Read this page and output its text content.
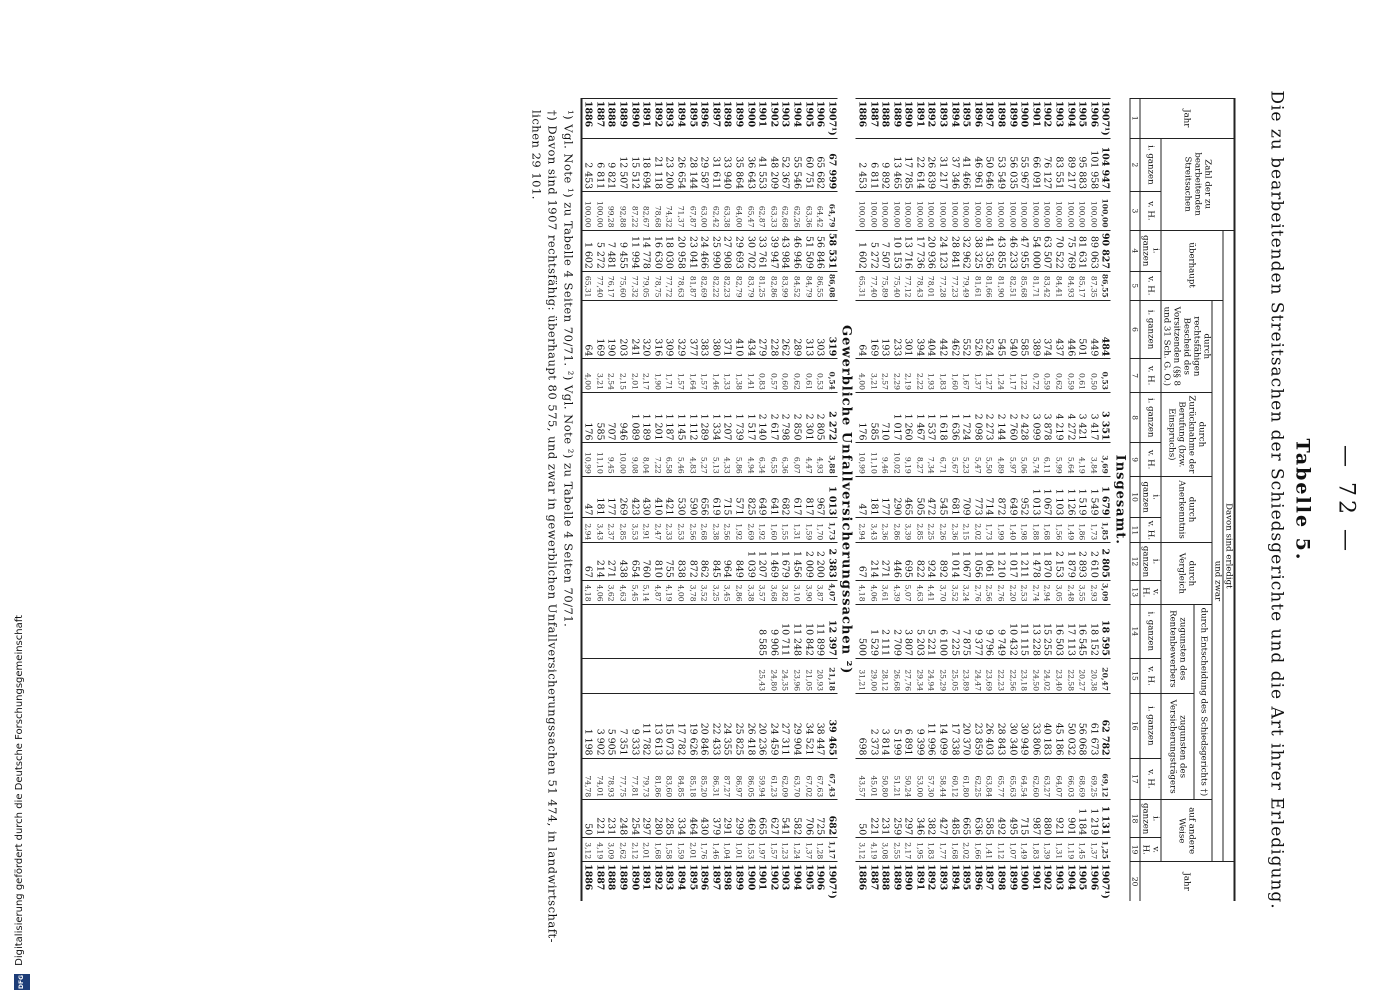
— 72 —
Tabelle 5.
Die zu bearbeitenden Streitsachen der Schiedsgerichte und die Art ihrer Erledigung.
Jahr	Zahl der zu bearbeitenden Streitsachen		Davon sind erledigt																Jahr
			überhaupt		und zwar														
					durch rechtsfähigen Bescheid des Vorsitzenden (§§ 8 und 31 Sch. G. O.)		durch Zurücknahme der Berufung (bzw. Einspruchs)		durch Anerkenntnis		durch Vergleich		durch Entscheidung des Schiedsgerichts †)				auf andere Weise		
													zugunsten des Rentenbewerbers		zugunsten des Versicherungsträgers				
	i. ganzen	v. H.	i. ganzen	v. H.	i. ganzen	v. H.	i. ganzen	v. H.	i. ganzen	v. H.	i. ganzen	v. H.	i. ganzen	v. H.	i. ganzen	v. H.	i. ganzen	v. H.	
1	2	3	4	5	6	7	8	9	10	11	12	13	14	15	16	17	18	19	20
Insgesamt.																			
1907¹)	104 947	100,00	90 827	86,55	484	0,53	3 351	3,69	1 679	1,85	2 805	3,09	18 595	20,47	62 782	69,12	1 131	1,25	1907¹)
1906	101 958	100,00	89 063	87,35	449	0,50	3 417	3,84	1 549	1,73	2 610	2,93	18 152	20,38	61 673	69,25	1 219	1,37	1906
1905	95 883	100,00	81 631	85,17	501	0,61	3 421	4,19	1 519	1,86	2 893	3,55	16 545	20,27	56 068	68,69	1 184	1,45	1905
1904	89 217	100,00	75 769	84,93	446	0,59	4 272	5,64	1 126	1,49	1 879	2,48	17 113	22,58	50 032	66,03	901	1,19	1904
1903	83 551	100,00	70 522	84,41	437	0,62	4 219	5,99	1 103	1,56	2 153	3,05	16 503	23,40	45 186	64,07	921	1,31	1903
1902	76 127	100,00	63 507	83,42	374	0,59	3 878	6,11	1 067	1,68	1 870	2,94	15 255	24,02	40 183	63,27	880	1,39	1902
1901	66 091	100,00	54 000	81,71	389	0,72	3 099	5,74	1 013	1,88	1 478	2,74	13 228	24,50	33 806	62,60	987	1,83	1901
1900	55 967	100,00	47 955	85,68	585	1,22	2 428	5,06	952	1,98	1 211	2,53	11 115	23,18	30 949	64,54	715	1,49	1900
1899	56 035	100,00	46 233	82,51	540	1,17	2 760	5,97	649	1,40	1 017	2,20	10 432	22,56	30 340	65,63	495	1,07	1899
1898	53 549	100,00	43 855	81,90	545	1,24	2 144	4,89	872	1,99	1 210	2,76	9 749	22,23	28 843	65,77	492	1,12	1898
1897	50 646	100,00	41 356	81,66	524	1,27	2 273	5,50	714	1,73	1 061	2,56	9 796	23,69	26 403	63,84	585	1,41	1897
1896	46 961	100,00	38 325	81,61	526	1,37	2 098	5,47	773	2,02	1 056	2,76	9 377	24,47	23 859	62,25	636	1,66	1896
1895	41 466	100,00	32 962	79,49	552	1,67	1 724	5,23	709	2,15	1 067	3,24	7 875	23,89	20 370	61,80	665	2,02	1895
1894	37 346	100,00	28 841	77,23	462	1,60	1 636	5,67	681	2,36	1 014	3,52	7 225	25,05	17 338	60,12	485	1,68	1894
1893	31 217	100,00	24 123	77,28	442	1,83	1 618	6,71	545	2,26	892	3,70	6 100	25,29	14 099	58,44	427	1,77	1893
1892	26 839	100,00	20 936	78,01	404	1,93	1 537	7,34	472	2,25	924	4,41	5 221	24,94	11 996	57,30	382	1,83	1892
1891	22 614	100,00	17 736	78,43	394	2,22	1 467	8,27	505	2,85	822	4,63	5 203	29,34	9 399	53,00	346	1,95	1891
1890	17 785	100,00	13 716	77,12	301	2,19	1 260	9,19	465	3,39	695	5,07	3 807	27,76	6 891	50,24	297	2,17	1890
1889	13 465	100,00	10 153	75,40	233	2,29	1 017	10,02	290	2,86	446	4,39	2 709	26,68	5 199	51,21	259	2,55	1889
1888	9 892	100,00	7 507	75,89	193	2,57	710	9,46	177	2,36	271	3,61	2 111	28,12	3 814	50,80	231	3,08	1888
1887	6 811	100,00	5 272	77,40	169	3,21	585	11,10	181	3,43	214	4,06	1 529	29,00	2 373	45,01	221	4,19	1887
1886	2 453	100,00	1 602	65,31	64	4,00	176	10,99	47	2,94	67	4,18	500	31,21	698	43,57	50	3,12	1886
Gewerbliche Unfallversicherungssachen ²)																			
1907¹)	67 999	64,79	58 531	86,08	319	0,54	2 272	3,88	1 013	1,73	2 383	4,07	12 397	21,18	39 465	67,43	682	1,17	1907¹)
1906	65 682	64,42	56 846	86,55	303	0,53	2 805	4,93	967	1,70	2 200	3,87	11 899	20,93	38 447	67,63	725	1,28	1906
1905	60 751	63,36	51 509	84,79	313	0,61	2 301	4,47	817	1,59	2 009	3,90	10 842	21,05	34 521	67,02	706	1,37	1905
1904	55 546	62,26	46 946	84,52	289	0,62	2 850	6,07	617	1,31	1 456	3,10	11 248	23,96	29 904	63,70	582	1,24	1904
1903	52 367	62,68	43 984	83,99	262	0,60	2 798	6,36	682	1,55	1 679	3,82	10 711	24,35	27 311	62,09	541	1,23	1903
1902	48 209	63,33	39 947	82,86	228	0,57	2 617	6,55	641	1,60	1 469	3,68	9 906	24,80	24 459	61,23	627	1,57	1902
1901	41 553	62,87	33 761	81,25	279	0,83	2 140	6,34	649	1,92	1 207	3,57	8 585	25,43	20 236	59,94	665	1,97	1901
1900	36 643	65,47	30 702	83,79	434	1,41	1 517	4,94	825	2,69	1 039	3,38			26 418	86,05	469	1,53	1900
1899	35 864	64,00	29 693	82,79	410	1,38	1 739	5,86	571	1,92	849	2,86			25 825	86,97	299	1,01	1899
1898	33 940	63,38	27 908	82,23	371	1,33	1 207	4,33	715	2,56	964	3,45			24 355	87,27	291	1,04	1898
1897	31 611	62,42	25 990	82,22	380	1,46	1 334	5,13	619	2,38	845	3,25			22 433	86,31	379	1,46	1897
1896	29 587	63,00	24 466	82,69	383	1,57	1 289	5,27	656	2,68	862	3,52			20 846	85,20	430	1,76	1896
1895	28 144	67,87	23 041	81,87	377	1,64	1 112	4,83	590	2,56	872	3,78			19 626	85,18	464	2,01	1895
1894	26 654	71,37	20 958	78,63	329	1,57	1 145	5,46	530	2,53	838	4,00			17 782	84,85	334	1,59	1894
1893	23 200	74,32	18 030	77,72	309	1,71	1 187	6,58	421	2,33	755	4,19			15 073	83,60	285	1,58	1893
1892	21 118	78,68	16 630	78,75	316	1,90	1 201	7,22	410	2,47	810	4,87			13 613	81,86	280	1,68	1892
1891	18 694	82,67	14 778	79,05	320	2,17	1 189	8,04	430	2,91	760	5,14			11 782	79,73	297	2,01	1891
1890	15 512	87,22	11 994	77,32	241	2,01	1 089	9,08	423	3,53	654	5,45			9 333	77,81	254	2,12	1890
1889	12 507	92,88	9 455	75,60	203	2,15	946	10,00	269	2,85	438	4,63			7 351	77,75	248	2,62	1889
1888	9 821	99,28	7 481	76,17	190	2,54	707	9,45	177	2,37	271	3,62			5 905	78,93	231	3,09	1888
1887	6 811	100,00	5 272	77,40	169	3,21	585	11,10	181	3,43	214	4,06			3 902	74,01	221	4,19	1887
1886	2 453	100,00	1 602	65,31	64	4,00	176	10,99	47	2,94	67	4,18			1 198	74,78	50	3,12	1886
¹) Vgl. Note ¹) zu Tabelle 4 Seiten 70/71. ²) Vgl. Note ²) zu Tabelle 4 Seiten 70/71.
†) Davon sind 1907 rechtsfähig: überhaupt 80 575, und zwar in gewerblichen Unfallversicherungssachen 51 474, in landwirtschaft-
lichen 29 101.
Digitalisierung gefördert durch die Deutsche Forschungsgemeinschaft
DFG
